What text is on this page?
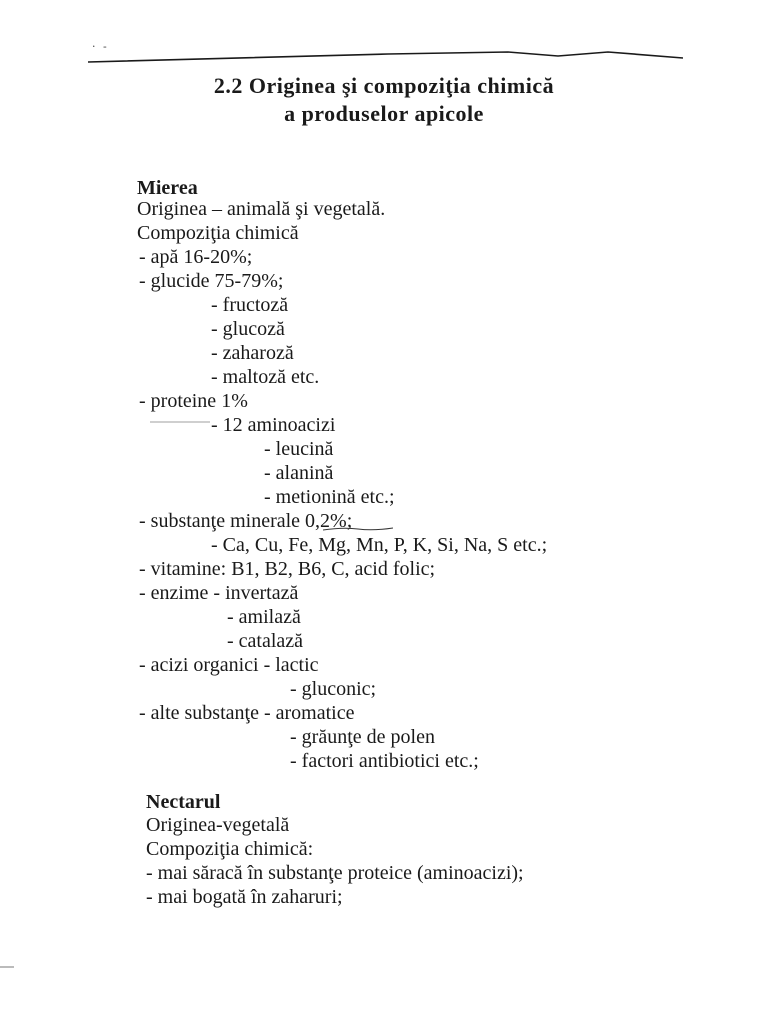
· -
2.2 Originea şi compoziţia chimică
a produselor apicole
Mierea
Originea – animală şi vegetală.
Compoziţia chimică
- apă 16-20%;
- glucide 75-79%;
- fructoză
- glucoză
- zaharoză
- maltoză etc.
- proteine 1%
- 12 aminoacizi
- leucină
- alanină
- metionină etc.;
- substanţe minerale 0,2%;
- Ca, Cu, Fe, Mg, Mn, P, K, Si, Na, S etc.;
- vitamine: B1, B2, B6, C, acid folic;
- enzime - invertază
- amilază
- catalază
- acizi organici - lactic
- gluconic;
- alte substanţe - aromatice
- grăunţe de polen
- factori antibiotici etc.;
Nectarul
Originea-vegetală
Compoziţia chimică:
- mai săracă în substanţe proteice (aminoacizi);
- mai bogată în zaharuri;
